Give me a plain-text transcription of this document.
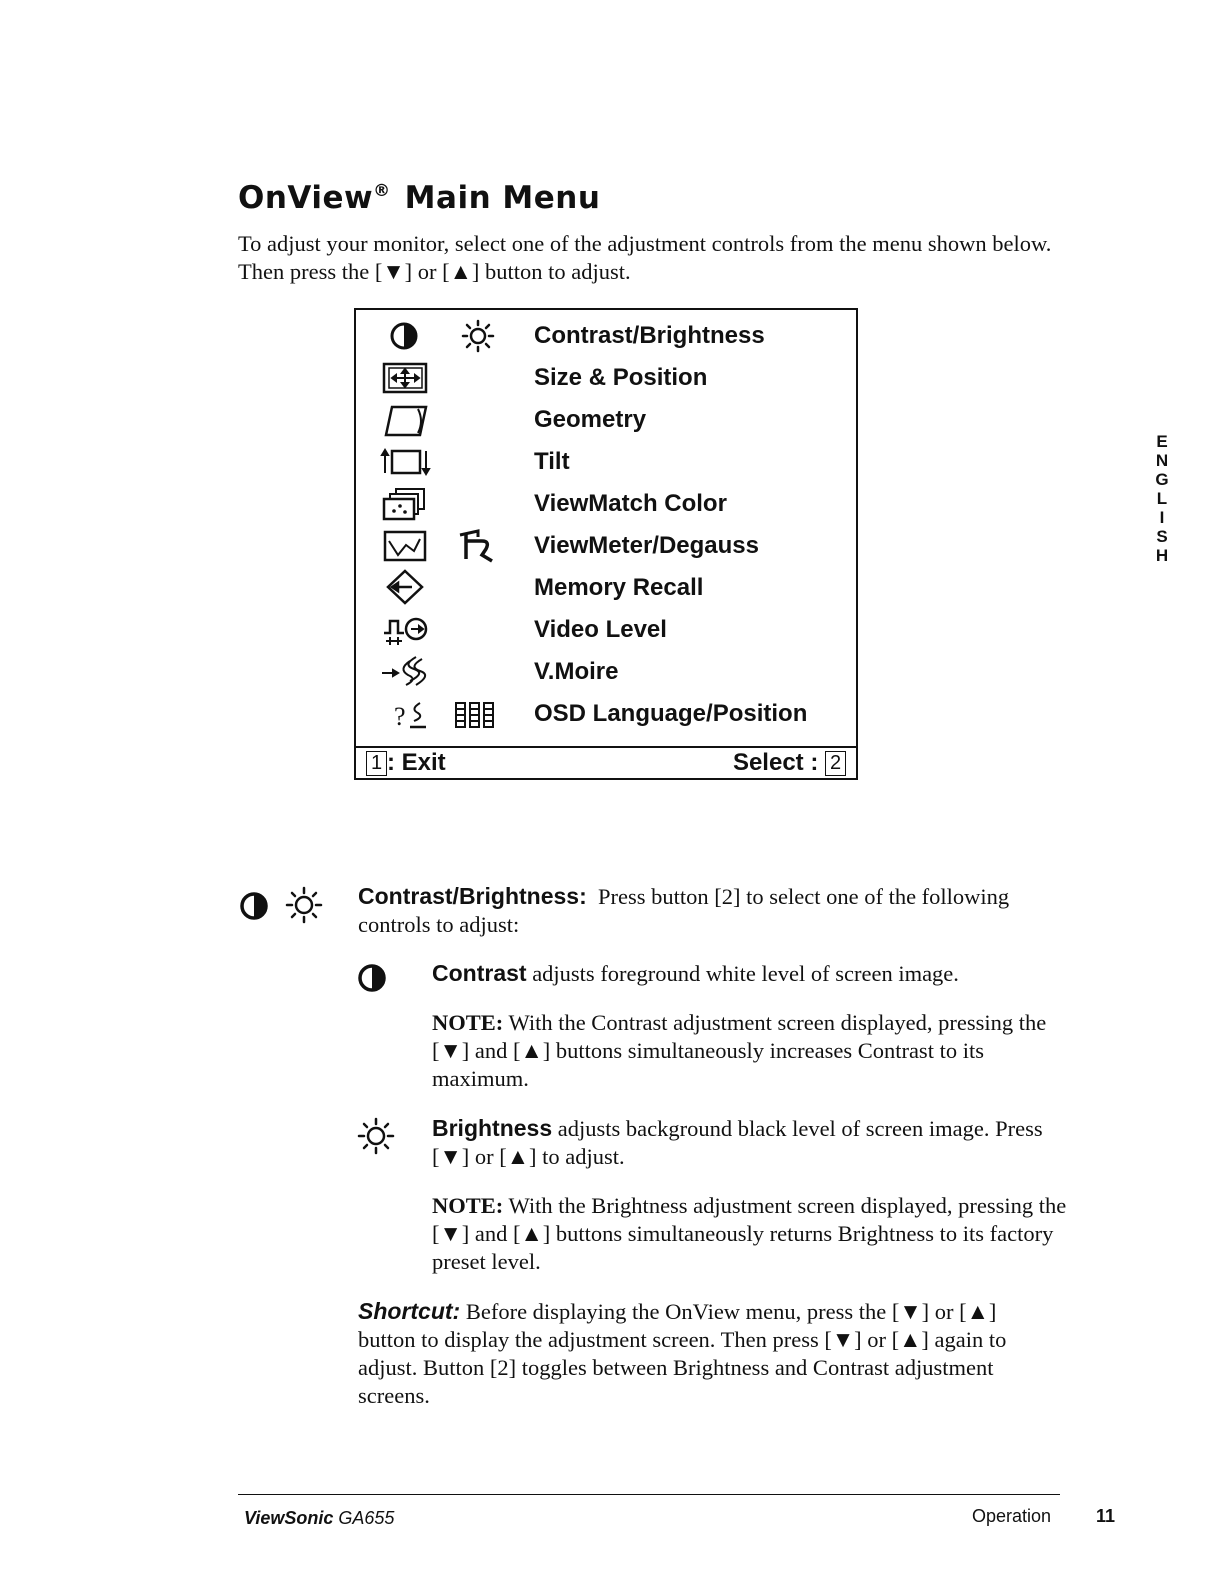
OnView® Main Menu

To adjust your monitor, select one of the adjustment controls from the menu shown below. Then press the [▼] or [▲] button to adjust.

Contrast/Brightness
Size & Position
Geometry
Tilt
ViewMatch Color
ViewMeter/Degauss
Memory Recall
Video Level
V.Moire
?	OSD Language/Position
1 : Exit	Select : 2
E
N
G
L
I
S
H

Contrast/Brightness: Press button [2] to select one of the following controls to adjust:

Contrast adjusts foreground white level of screen image.

NOTE: With the Contrast adjustment screen displayed, pressing the [▼] and [▲] buttons simultaneously increases Contrast to its maximum.

Brightness adjusts background black level of screen image. Press [▼] or [▲] to adjust.

NOTE: With the Brightness adjustment screen displayed, pressing the [▼] and [▲] buttons simultaneously returns Brightness to its factory preset level.

Shortcut: Before displaying the OnView menu, press the [▼] or [▲] button to display the adjustment screen. Then press [▼] or [▲] again to adjust. Button [2] toggles between Brightness and Contrast adjustment screens.

ViewSonic GA655	Operation 11
